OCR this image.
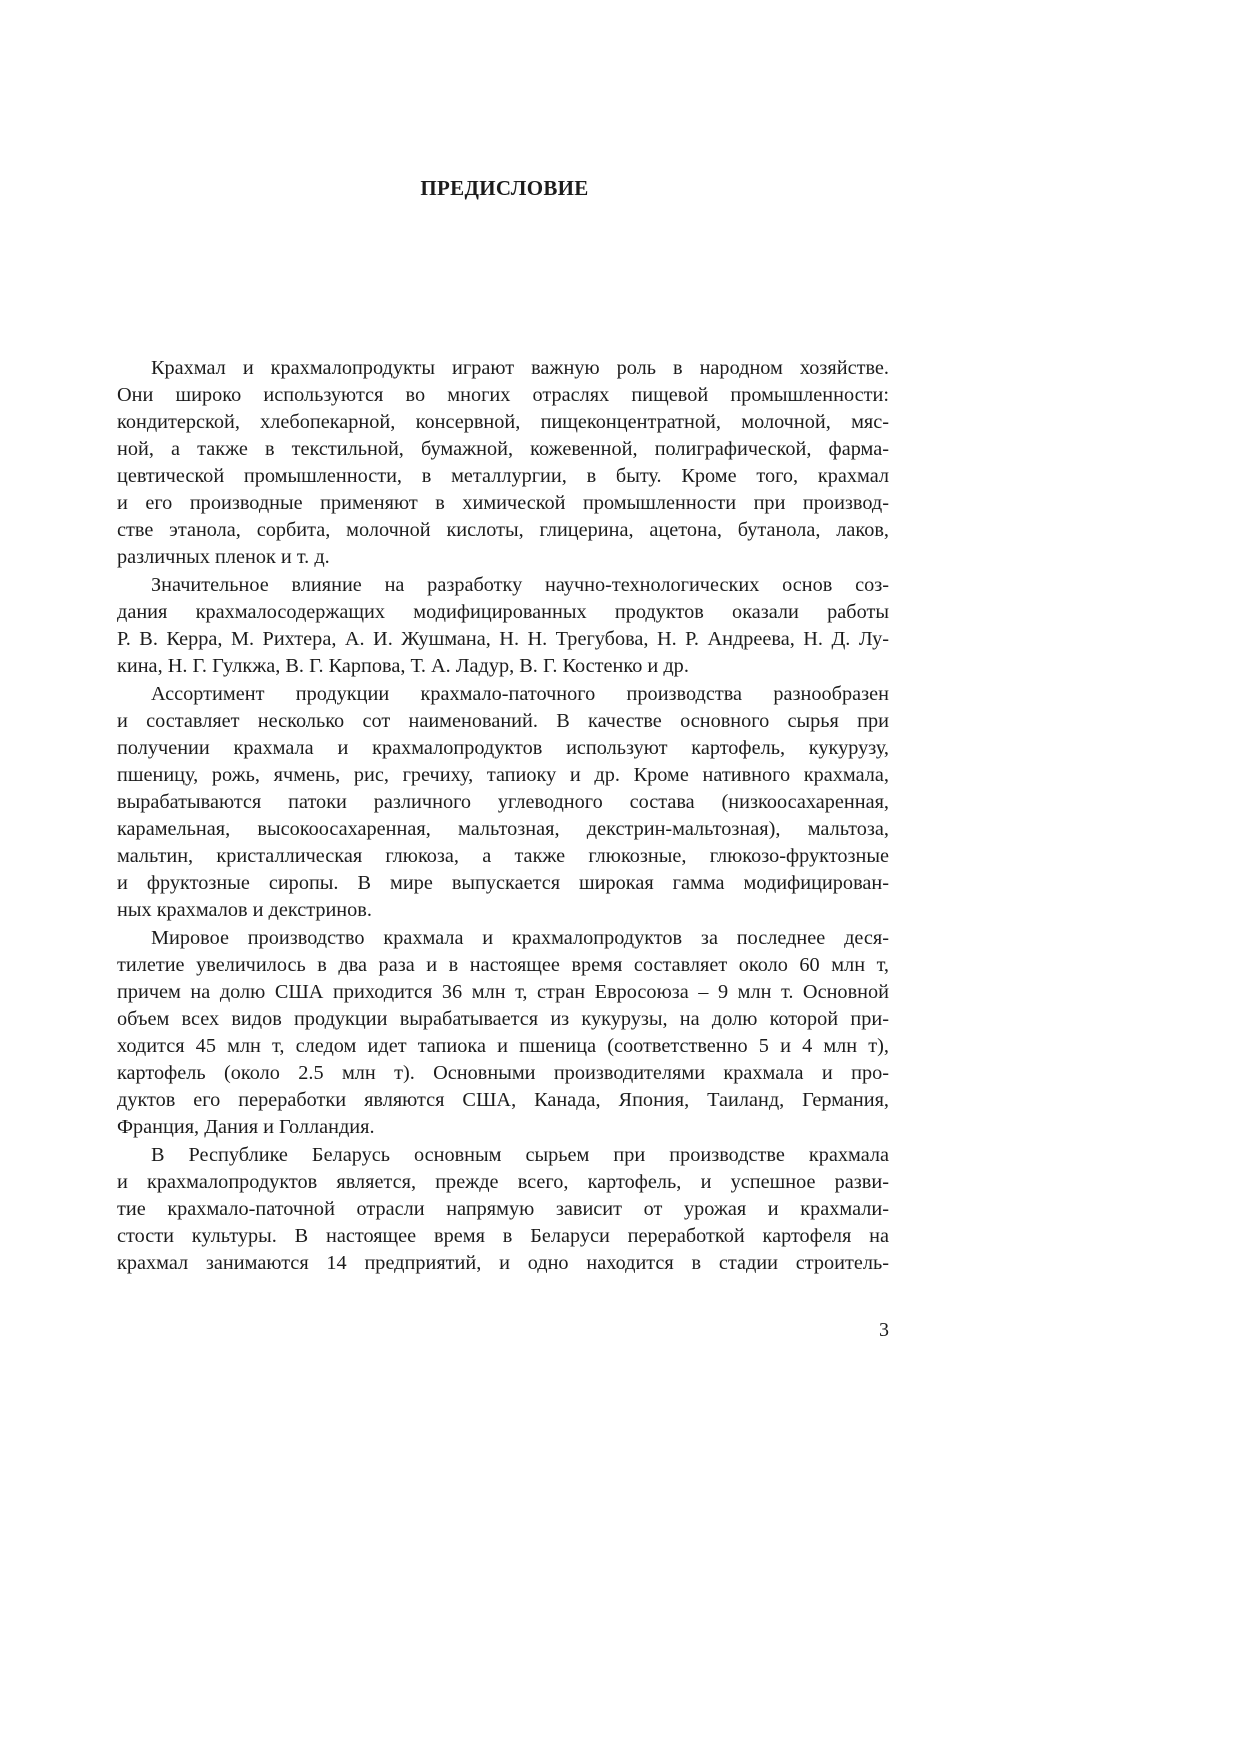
ПРЕДИСЛОВИЕ

Крахмал и крахмалопродукты играют важную роль в народном хозяйстве.
Они широко используются во многих отраслях пищевой промышленности:
кондитерской, хлебопекарной, консервной, пищеконцентратной, молочной, мяс-
ной, а также в текстильной, бумажной, кожевенной, полиграфической, фарма-
цевтической промышленности, в металлургии, в быту. Кроме того, крахмал
и его производные применяют в химической промышленности при производ-
стве этанола, сорбита, молочной кислоты, глицерина, ацетона, бутанола, лаков,
различных пленок и т. д.

Значительное влияние на разработку научно-технологических основ соз-
дания крахмалосодержащих модифицированных продуктов оказали работы
Р. В. Керра, М. Рихтера, А. И. Жушмана, Н. Н. Трегубова, Н. Р. Андреева, Н. Д. Лу-
кина, Н. Г. Гулкжа, В. Г. Карпова, Т. А. Ладур, В. Г. Костенко и др.

Ассортимент продукции крахмало-паточного производства разнообразен
и составляет несколько сот наименований. В качестве основного сырья при
получении крахмала и крахмалопродуктов используют картофель, кукурузу,
пшеницу, рожь, ячмень, рис, гречиху, тапиоку и др. Кроме нативного крахмала,
вырабатываются патоки различного углеводного состава (низкоосахаренная,
карамельная, высокоосахаренная, мальтозная, декстрин-мальтозная), мальтоза,
мальтин, кристаллическая глюкоза, а также глюкозные, глюкозо-фруктозные
и фруктозные сиропы. В мире выпускается широкая гамма модифицирован-
ных крахмалов и декстринов.

Мировое производство крахмала и крахмалопродуктов за последнее деся-
тилетие увеличилось в два раза и в настоящее время составляет около 60 млн т,
причем на долю США приходится 36 млн т, стран Евросоюза – 9 млн т. Основной
объем всех видов продукции вырабатывается из кукурузы, на долю которой при-
ходится 45 млн т, следом идет тапиока и пшеница (соответственно 5 и 4 млн т),
картофель (около 2.5 млн т). Основными производителями крахмала и про-
дуктов его переработки являются США, Канада, Япония, Таиланд, Германия,
Франция, Дания и Голландия.

В Республике Беларусь основным сырьем при производстве крахмала
и крахмалопродуктов является, прежде всего, картофель, и успешное разви-
тие крахмало-паточной отрасли напрямую зависит от урожая и крахмали-
стости культуры. В настоящее время в Беларуси переработкой картофеля на
крахмал занимаются 14 предприятий, и одно находится в стадии строитель-

3
